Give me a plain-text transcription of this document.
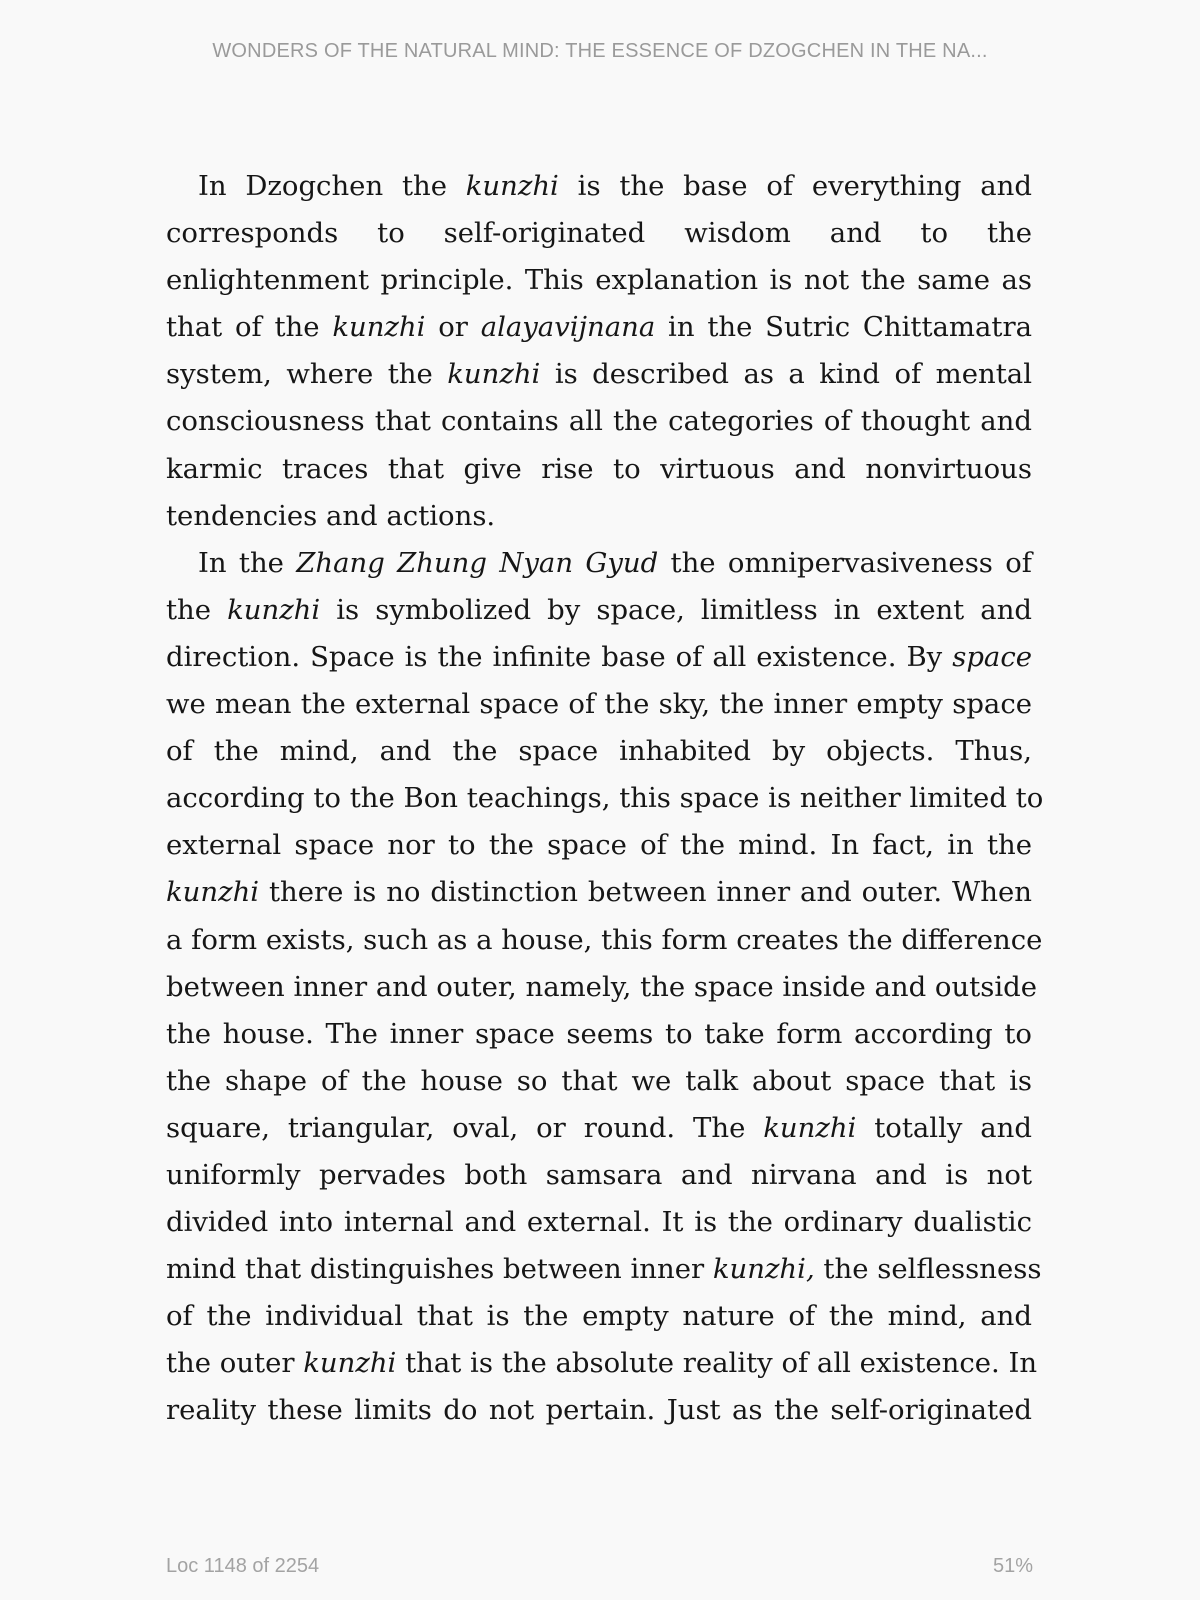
WONDERS OF THE NATURAL MIND: THE ESSENCE OF DZOGCHEN IN THE NA...
In Dzogchen the kunzhi is the base of everything and
corresponds to self-originated wisdom and to the
enlightenment principle. This explanation is not the same as
that of the kunzhi or alayavijnana in the Sutric Chittamatra
system, where the kunzhi is described as a kind of mental
consciousness that contains all the categories of thought and
karmic traces that give rise to virtuous and nonvirtuous
tendencies and actions.
In the Zhang Zhung Nyan Gyud the omnipervasiveness of
the kunzhi is symbolized by space, limitless in extent and
direction. Space is the infinite base of all existence. By space
we mean the external space of the sky, the inner empty space
of the mind, and the space inhabited by objects. Thus,
according to the Bon teachings, this space is neither limited to
external space nor to the space of the mind. In fact, in the
kunzhi there is no distinction between inner and outer. When
a form exists, such as a house, this form creates the difference
between inner and outer, namely, the space inside and outside
the house. The inner space seems to take form according to
the shape of the house so that we talk about space that is
square, triangular, oval, or round. The kunzhi totally and
uniformly pervades both samsara and nirvana and is not
divided into internal and external. It is the ordinary dualistic
mind that distinguishes between inner kunzhi, the selflessness
of the individual that is the empty nature of the mind, and
the outer kunzhi that is the absolute reality of all existence. In
reality these limits do not pertain. Just as the self-originated
Loc 1148 of 2254	51%
